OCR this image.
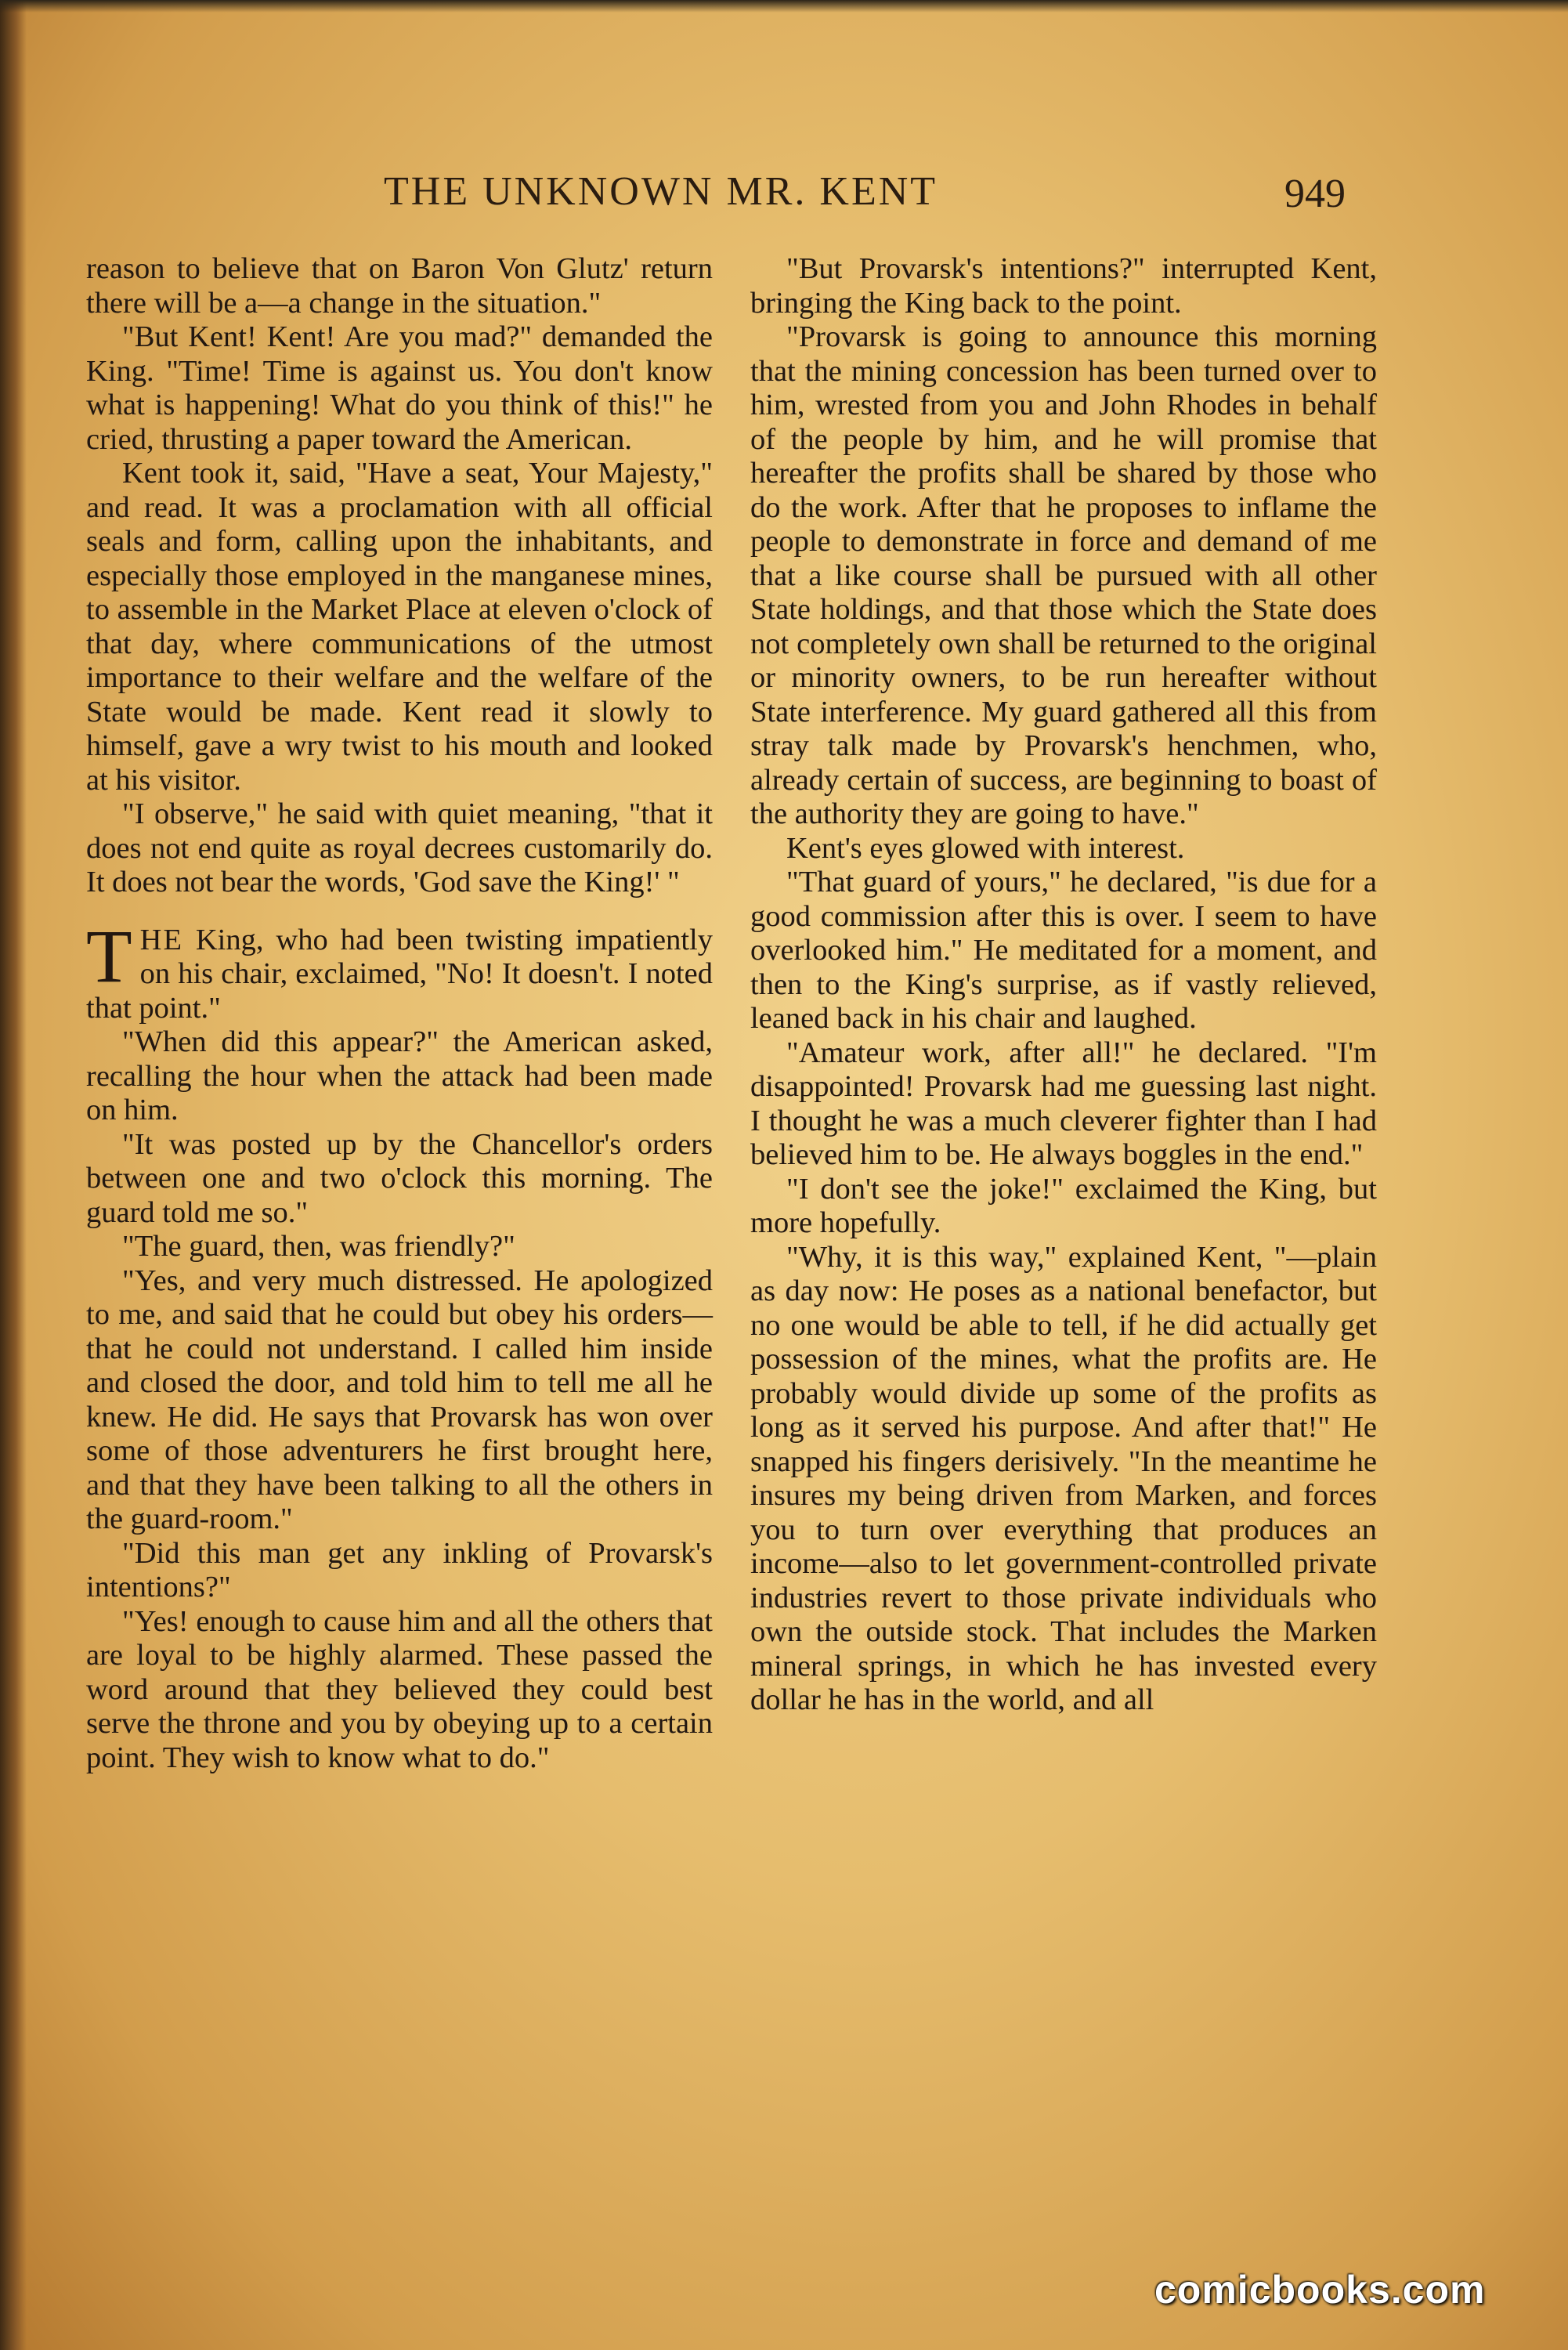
THE UNKNOWN MR. KENT	949

reason to believe that on Baron Von Glutz' return there will be a—a change in the situation."

"But Kent! Kent! Are you mad?" demanded the King. "Time! Time is against us. You don't know what is happening! What do you think of this!" he cried, thrusting a paper toward the American.

Kent took it, said, "Have a seat, Your Majesty," and read. It was a proclamation with all official seals and form, calling upon the inhabitants, and especially those employed in the manganese mines, to assemble in the Market Place at eleven o'clock of that day, where communications of the utmost importance to their welfare and the welfare of the State would be made. Kent read it slowly to himself, gave a wry twist to his mouth and looked at his visitor.

"I observe," he said with quiet meaning, "that it does not end quite as royal decrees customarily do. It does not bear the words, 'God save the King!' "

THE King, who had been twisting impatiently on his chair, exclaimed, "No! It doesn't. I noted that point."

"When did this appear?" the American asked, recalling the hour when the attack had been made on him.

"It was posted up by the Chancellor's orders between one and two o'clock this morning. The guard told me so."

"The guard, then, was friendly?"

"Yes, and very much distressed. He apologized to me, and said that he could but obey his orders—that he could not understand. I called him inside and closed the door, and told him to tell me all he knew. He did. He says that Provarsk has won over some of those adventurers he first brought here, and that they have been talking to all the others in the guard-room."

"Did this man get any inkling of Provarsk's intentions?"

"Yes! enough to cause him and all the others that are loyal to be highly alarmed. These passed the word around that they believed they could best serve the throne and you by obeying up to a certain point. They wish to know what to do."

"But Provarsk's intentions?" interrupted Kent, bringing the King back to the point.

"Provarsk is going to announce this morning that the mining concession has been turned over to him, wrested from you and John Rhodes in behalf of the people by him, and he will promise that hereafter the profits shall be shared by those who do the work. After that he proposes to inflame the people to demonstrate in force and demand of me that a like course shall be pursued with all other State holdings, and that those which the State does not completely own shall be returned to the original or minority owners, to be run hereafter without State interference. My guard gathered all this from stray talk made by Provarsk's henchmen, who, already certain of success, are beginning to boast of the authority they are going to have."

Kent's eyes glowed with interest.

"That guard of yours," he declared, "is due for a good commission after this is over. I seem to have overlooked him." He meditated for a moment, and then to the King's surprise, as if vastly relieved, leaned back in his chair and laughed.

"Amateur work, after all!" he declared. "I'm disappointed! Provarsk had me guessing last night. I thought he was a much cleverer fighter than I had believed him to be. He always boggles in the end."

"I don't see the joke!" exclaimed the King, but more hopefully.

"Why, it is this way," explained Kent, "—plain as day now: He poses as a national benefactor, but no one would be able to tell, if he did actually get possession of the mines, what the profits are. He probably would divide up some of the profits as long as it served his purpose. And after that!" He snapped his fingers derisively. "In the meantime he insures my being driven from Marken, and forces you to turn over everything that produces an income—also to let government-controlled private industries revert to those private individuals who own the outside stock. That includes the Marken mineral springs, in which he has invested every dollar he has in the world, and all

comicbooks.com
